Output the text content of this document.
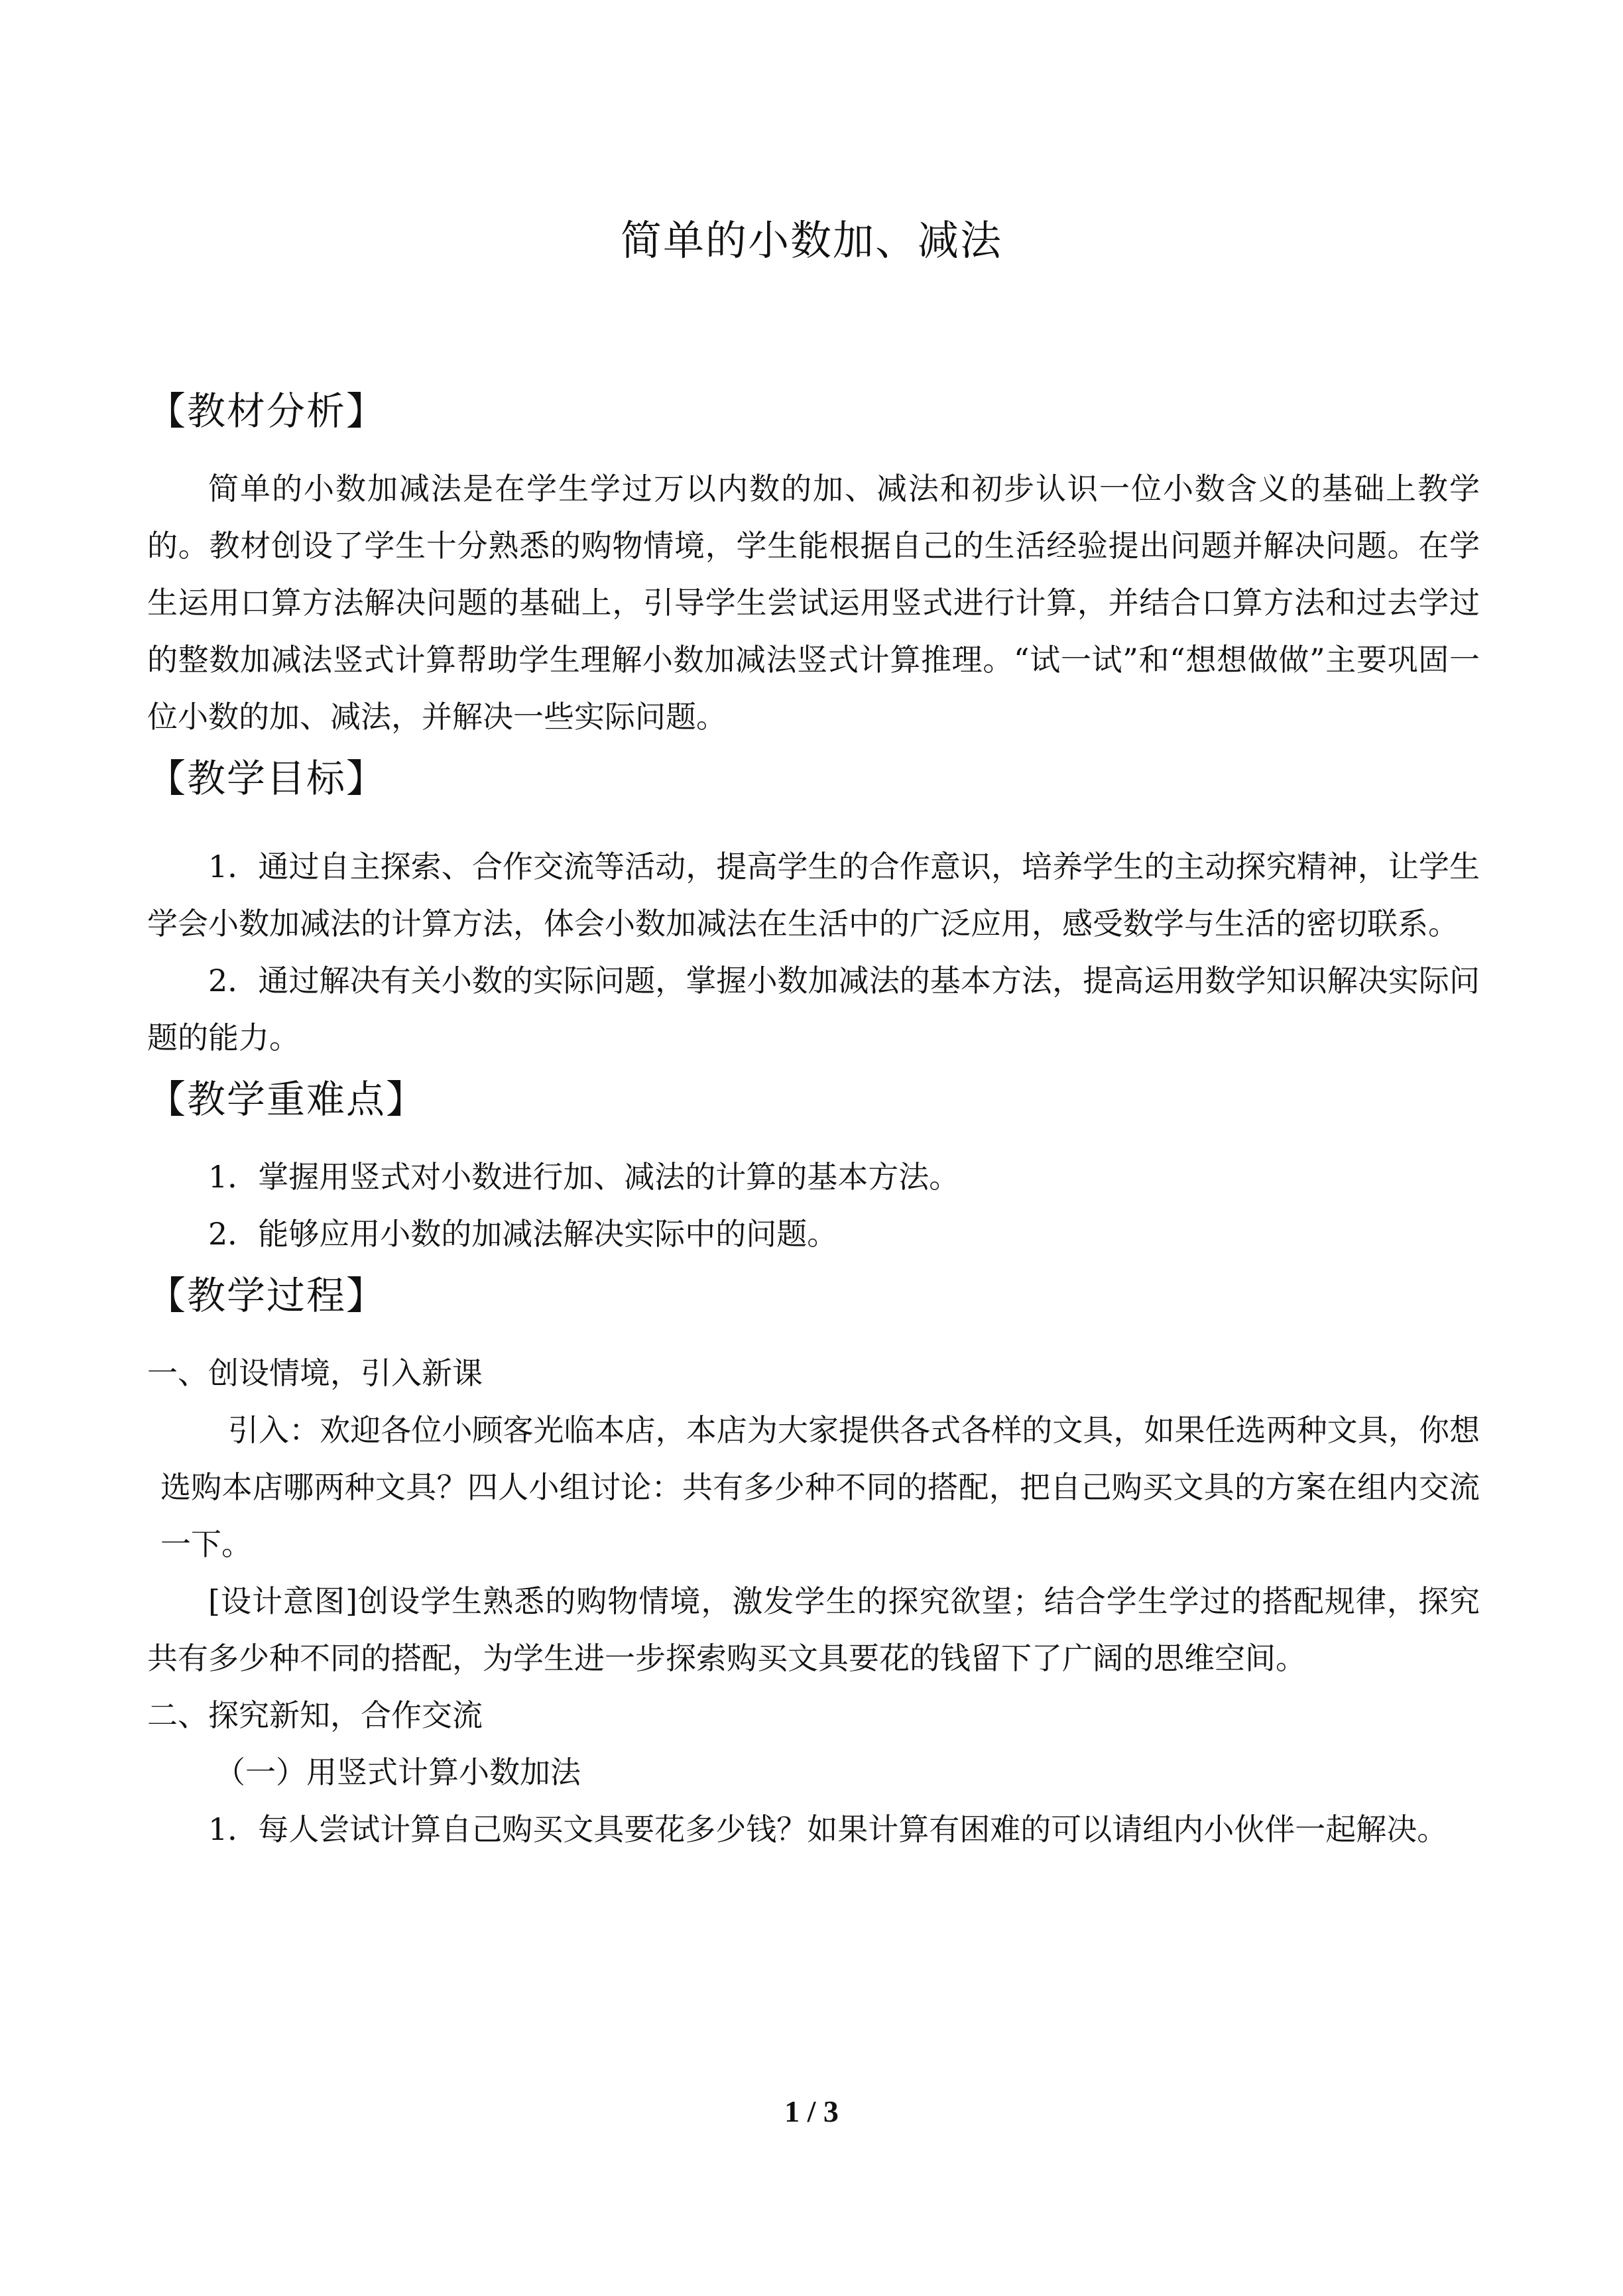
简单的小数加、减法
【教材分析】

简单的小数加减法是在学生学过万以内数的加、减法和初步认识一位小数含义的基础上教学的。教材创设了学生十分熟悉的购物情境，学生能根据自己的生活经验提出问题并解决问题。在学生运用口算方法解决问题的基础上，引导学生尝试运用竖式进行计算，并结合口算方法和过去学过的整数加减法竖式计算帮助学生理解小数加减法竖式计算推理。“试一试”和“想想做做”主要巩固一位小数的加、减法，并解决一些实际问题。

【教学目标】

1．通过自主探索、合作交流等活动，提高学生的合作意识，培养学生的主动探究精神，让学生学会小数加减法的计算方法，体会小数加减法在生活中的广泛应用，感受数学与生活的密切联系。

2．通过解决有关小数的实际问题，掌握小数加减法的基本方法，提高运用数学知识解决实际问题的能力。

【教学重难点】

1．掌握用竖式对小数进行加、减法的计算的基本方法。

2．能够应用小数的加减法解决实际中的问题。

【教学过程】

一、创设情境，引入新课

引入：欢迎各位小顾客光临本店，本店为大家提供各式各样的文具，如果任选两种文具，你想选购本店哪两种文具？四人小组讨论：共有多少种不同的搭配，把自己购买文具的方案在组内交流一下。

[设计意图]创设学生熟悉的购物情境，激发学生的探究欲望；结合学生学过的搭配规律，探究共有多少种不同的搭配，为学生进一步探索购买文具要花的钱留下了广阔的思维空间。

二、探究新知，合作交流

（一）用竖式计算小数加法

1．每人尝试计算自己购买文具要花多少钱？如果计算有困难的可以请组内小伙伴一起解决。

1 / 3
